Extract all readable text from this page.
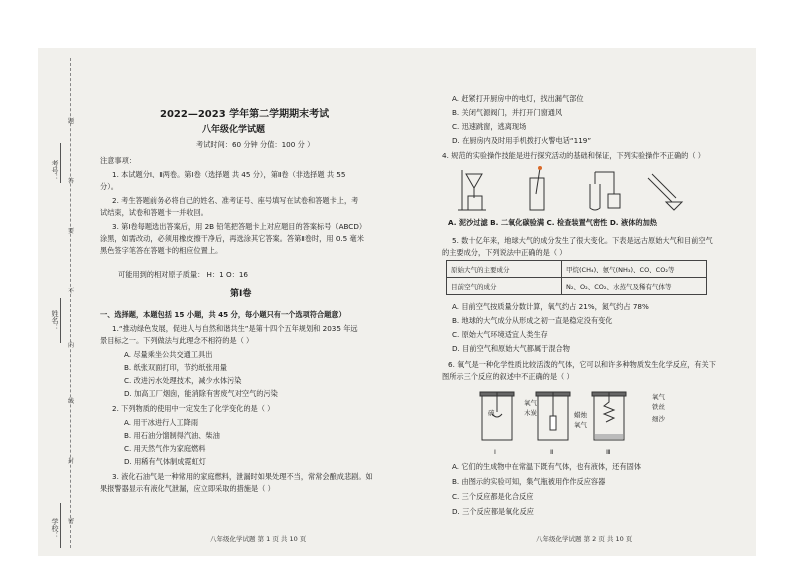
考号：
姓名：
学校：
题
答
要
不
内
线
封
密
2022—2023 学年第二学期期末考试
八年级化学试题
考试时间：60 分钟 分值：100 分 ）
注意事项：
1. 本试题分Ⅰ、Ⅱ两卷。第Ⅰ卷（选择题 共 45 分），第Ⅱ卷（非选择题 共 55
分）。
2. 考生答题前务必将自己的姓名、准考证号、座号填写在试卷和答题卡上，考
试结束，试卷和答题卡一并收回。
3. 第Ⅰ卷每题选出答案后，用 2B 铅笔把答题卡上对应题目的答案标号（ABCD）
涂黑，如需改动，必须用橡皮擦干净后，再选涂其它答案。答第Ⅱ卷时，用 0.5 毫米
黑色签字笔答在答题卡的相应位置上。
可能用到的相对原子质量： H：1 O：16
第Ⅰ卷
一、选择题，本题包括 15 小题，共 45 分，每小题只有一个选项符合题意）
1.“推动绿色发展，促进人与自然和谐共生”是第十四个五年规划和 2035 年远
景目标之一。下列做法与此理念不相符的是（ ）
A. 尽量乘坐公共交通工具出
B. 纸张双面打印，节约纸张用量
C. 改进污水处理技术，减少水体污染
D. 加高工厂烟囱，能消除有害废气对空气的污染
2. 下列物质的使用中一定发生了化学变化的是（ ）
A. 用干冰进行人工降雨
B. 用石油分馏制得汽油、柴油
C. 用天然气作为家庭燃料
D. 用稀有气体制成霓虹灯
3. 液化石油气是一种常用的家庭燃料，泄漏时如果处理不当，常常会酿成悲剧。如
果报警器显示有液化气泄漏，应立即采取的措施是（ ）
八年级化学试题 第 1 页 共 10 页
A. 赶紧打开厨房中的电灯，找出漏气部位
B. 关闭气源阀门，并打开门窗通风
C. 迅速跳窗，逃离现场
D. 在厨房内及时用手机拨打火警电话“119”
4. 规范的实验操作技能是进行探究活动的基础和保证，下列实验操作不正确的（ ）
A. 泥沙过滤 B. 二氧化碳验满 C. 检查装置气密性 D. 液体的加热
5. 数十亿年来，地球大气的成分发生了很大变化。下表是远古原始大气和目前空气
的主要成分，下列说法中正确的是（ ）
原始大气的主要成分	甲烷(CH₄)、氨气(NH₃)、CO、CO₂等
目前空气的成分	N₂、O₂、CO₂、水蒸气及稀有气体等
A. 目前空气按质量分数计算，氧气约占 21%，氮气约占 78%
B. 地球的大气成分从形成之初一直是稳定没有变化
C. 原始大气环境适宜人类生存
D. 目前空气和原始大气都属于混合物
6. 氧气是一种化学性质比较活泼的气体，它可以和许多种物质发生化学反应，有关下
图所示三个反应的叙述中不正确的是（ ）
硫
氧气
木炭	蜡烛
氧气
氧气
铁丝
细沙
Ⅰ	Ⅱ	Ⅲ
A. 它们的生成物中在常温下既有气体，也有液体，还有固体
B. 由图示的实验可知，集气瓶被用作作反应容器
C. 三个反应都是化合反应
D. 三个反应都是氧化反应
八年级化学试题 第 2 页 共 10 页
